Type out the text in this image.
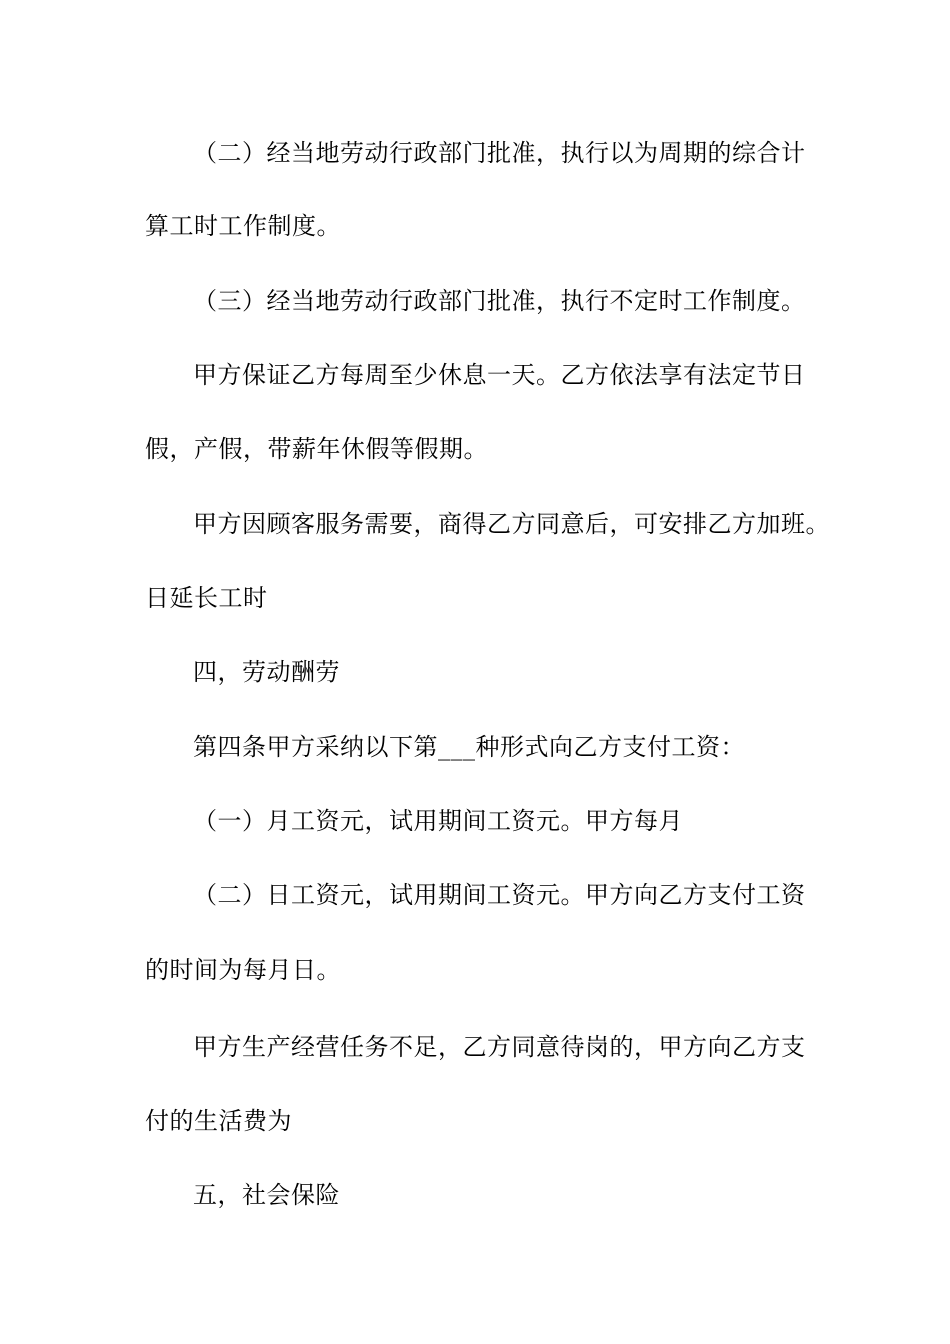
（二）经当地劳动行政部门批准，执行以为周期的综合计
算工时工作制度。
（三）经当地劳动行政部门批准，执行不定时工作制度。
甲方保证乙方每周至少休息一天。乙方依法享有法定节日
假，产假，带薪年休假等假期。
甲方因顾客服务需要，商得乙方同意后，可安排乙方加班。
日延长工时
四，劳动酬劳
第四条甲方采纳以下第___种形式向乙方支付工资：
（一）月工资元，试用期间工资元。甲方每月
（二）日工资元，试用期间工资元。甲方向乙方支付工资
的时间为每月日。
甲方生产经营任务不足，乙方同意待岗的，甲方向乙方支
付的生活费为
五，社会保险
